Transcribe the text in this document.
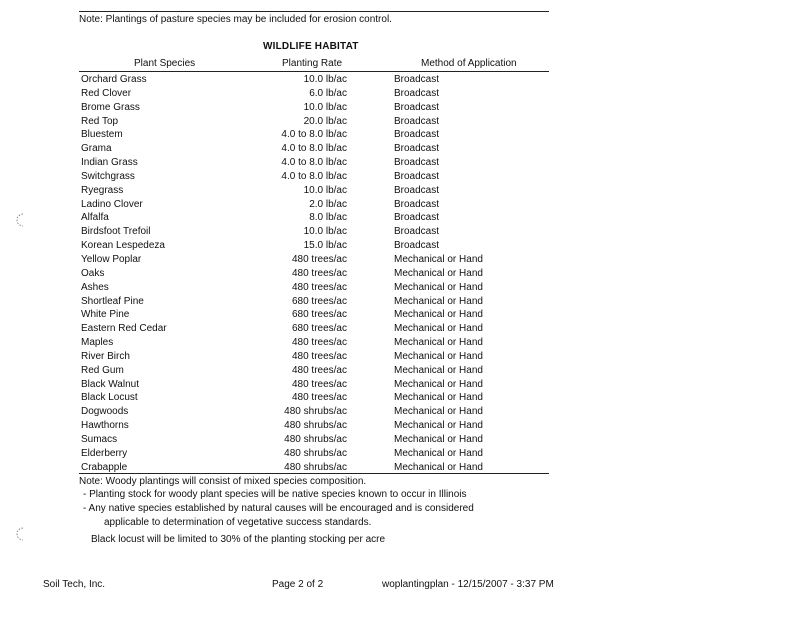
Note: Plantings of pasture species may be included for erosion control.
WILDLIFE HABITAT
Plant Species	Planting Rate	Method of Application
Orchard Grass	10.0 lb/ac	Broadcast
Red Clover	6.0 lb/ac	Broadcast
Brome Grass	10.0 lb/ac	Broadcast
Red Top	20.0 lb/ac	Broadcast
Bluestem	4.0 to 8.0 lb/ac	Broadcast
Grama	4.0 to 8.0 lb/ac	Broadcast
Indian Grass	4.0 to 8.0 lb/ac	Broadcast
Switchgrass	4.0 to 8.0 lb/ac	Broadcast
Ryegrass	10.0 lb/ac	Broadcast
Ladino Clover	2.0 lb/ac	Broadcast
Alfalfa	8.0 lb/ac	Broadcast
Birdsfoot Trefoil	10.0 lb/ac	Broadcast
Korean Lespedeza	15.0 lb/ac	Broadcast
Yellow Poplar	480 trees/ac	Mechanical or Hand
Oaks	480 trees/ac	Mechanical or Hand
Ashes	480 trees/ac	Mechanical or Hand
Shortleaf Pine	680 trees/ac	Mechanical or Hand
White Pine	680 trees/ac	Mechanical or Hand
Eastern Red Cedar	680 trees/ac	Mechanical or Hand
Maples	480 trees/ac	Mechanical or Hand
River Birch	480 trees/ac	Mechanical or Hand
Red Gum	480 trees/ac	Mechanical or Hand
Black Walnut	480 trees/ac	Mechanical or Hand
Black Locust	480 trees/ac	Mechanical or Hand
Dogwoods	480 shrubs/ac	Mechanical or Hand
Hawthorns	480 shrubs/ac	Mechanical or Hand
Sumacs	480 shrubs/ac	Mechanical or Hand
Elderberry	480 shrubs/ac	Mechanical or Hand
Crabapple	480 shrubs/ac	Mechanical or Hand
Note: Woody plantings will consist of mixed species composition.
- Planting stock for woody plant species will be native species known to occur in Illinois
- Any native species established by natural causes will be encouraged and is considered
applicable to determination of vegetative success standards.
Black locust will be limited to 30% of the planting stocking per acre
Soil Tech, Inc.	Page 2 of 2	woplantingplan - 12/15/2007 - 3:37 PM
